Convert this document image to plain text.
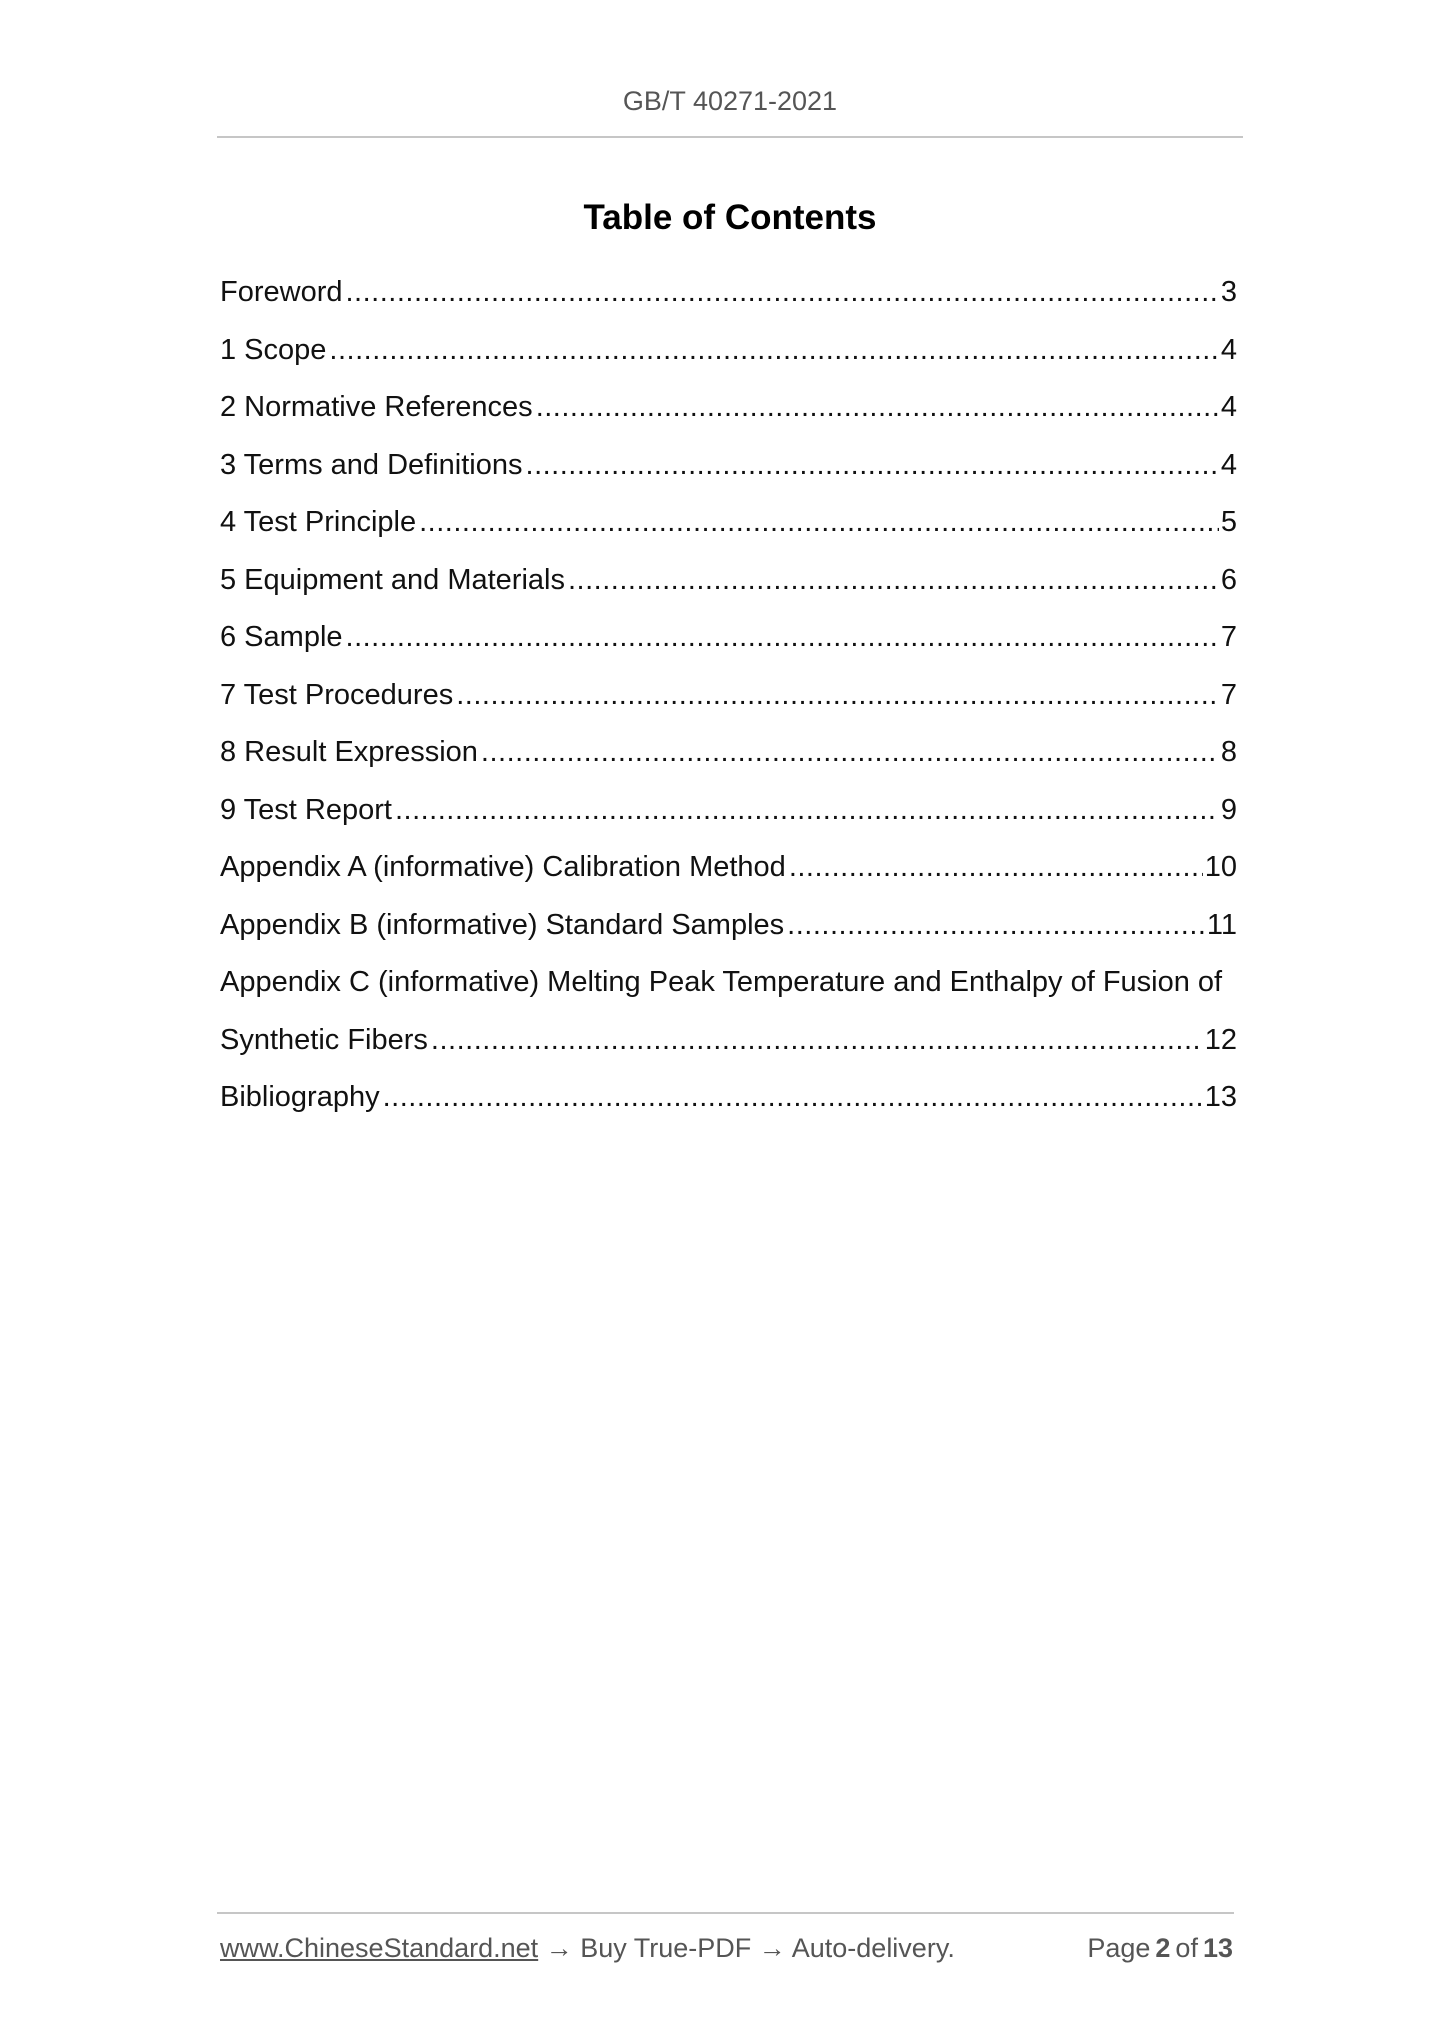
GB/T 40271-2021
Table of Contents
Foreword .....	3
1 Scope .....	4
2 Normative References .....	4
3 Terms and Definitions .....	4
4 Test Principle .....	5
5 Equipment and Materials .....	6
6 Sample .....	7
7 Test Procedures .....	7
8 Result Expression .....	8
9 Test Report .....	9
Appendix A (informative) Calibration Method .....	10
Appendix B (informative) Standard Samples .....	11
Appendix C (informative) Melting Peak Temperature and Enthalpy of Fusion of
Synthetic Fibers .....	12
Bibliography .....	13
www.ChineseStandard.net → Buy True-PDF → Auto-delivery.	Page 2 of 13
